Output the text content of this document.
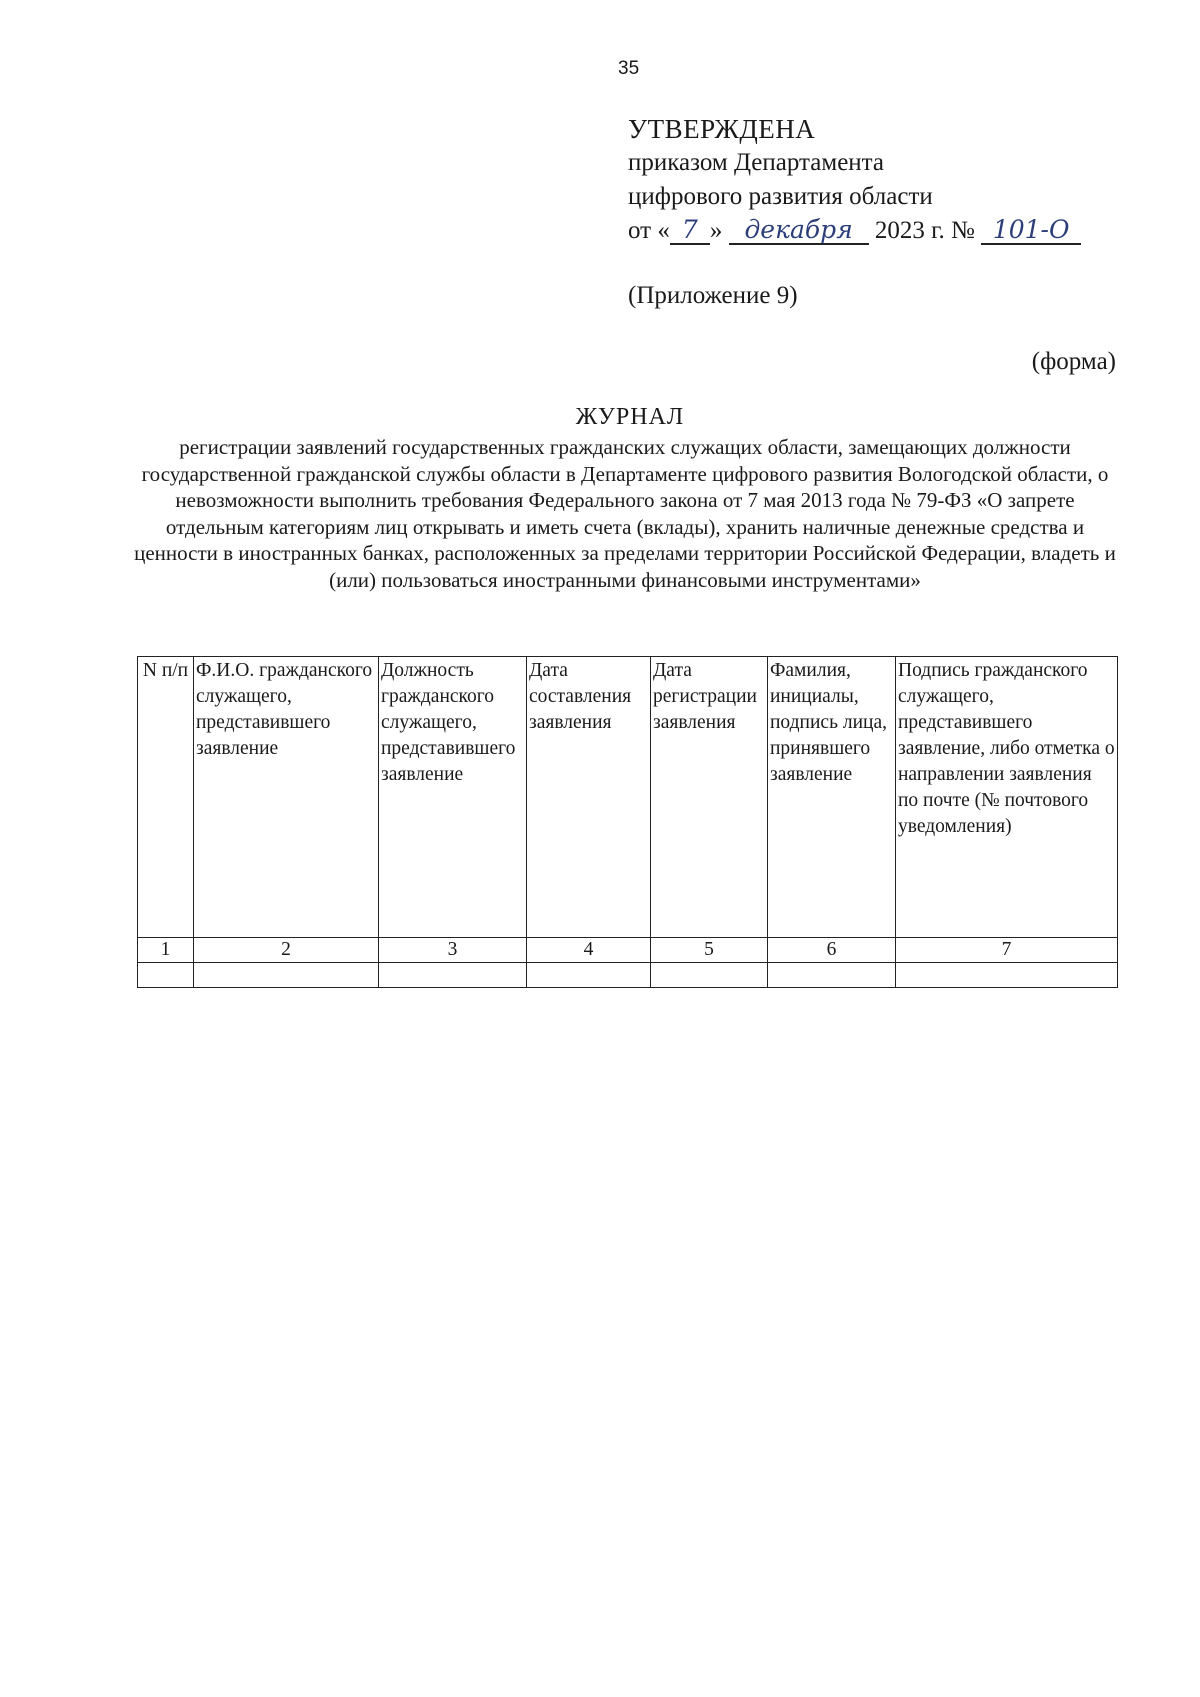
35
УТВЕРЖДЕНА
приказом Департамента
цифрового развития области
от « 7 » декабря 2023 г. № 101-О
(Приложение 9)
(форма)
ЖУРНАЛ
регистрации заявлений государственных гражданских служащих области, замещающих должности государственной гражданской службы области в Департаменте цифрового развития Вологодской области, о невозможности выполнить требования Федерального закона от 7 мая 2013 года № 79-ФЗ «О запрете отдельным категориям лиц открывать и иметь счета (вклады), хранить наличные денежные средства и ценности в иностранных банках, расположенных за пределами территории Российской Федерации, владеть и (или) пользоваться иностранными финансовыми инструментами»
N п/п	Ф.И.О. гражданского служащего, представившего заявление	Должность гражданского служащего, представившего заявление	Дата составления заявления	Дата регистрации заявления	Фамилия, инициалы, подпись лица, принявшего заявление	Подпись гражданского служащего, представившего заявление, либо отметка о направлении заявления по почте (№ почтового уведомления)
1	2	3	4	5	6	7
